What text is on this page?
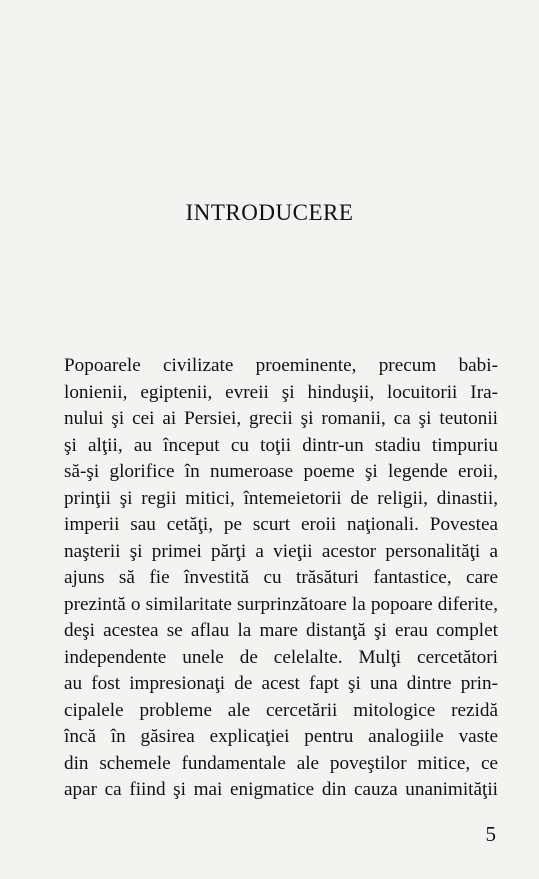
INTRODUCERE
Popoarele civilizate proeminente, precum babi-
lonienii, egiptenii, evreii şi hinduşii, locuitorii Ira-
nului şi cei ai Persiei, grecii şi romanii, ca şi teutonii
şi alţii, au început cu toţii dintr-un stadiu timpuriu
să-şi glorifice în numeroase poeme şi legende eroii,
prinţii şi regii mitici, întemeietorii de religii, dinastii,
imperii sau cetăţi, pe scurt eroii naţionali. Povestea
naşterii şi primei părţi a vieţii acestor personalităţi a
ajuns să fie învestită cu trăsături fantastice, care
prezintă o similaritate surprinzătoare la popoare diferite,
deşi acestea se aflau la mare distanţă şi erau complet
independente unele de celelalte. Mulţi cercetători
au fost impresionaţi de acest fapt şi una dintre prin-
cipalele probleme ale cercetării mitologice rezidă
încă în găsirea explicaţiei pentru analogiile vaste
din schemele fundamentale ale poveştilor mitice, ce
apar ca fiind şi mai enigmatice din cauza unanimităţii
5
